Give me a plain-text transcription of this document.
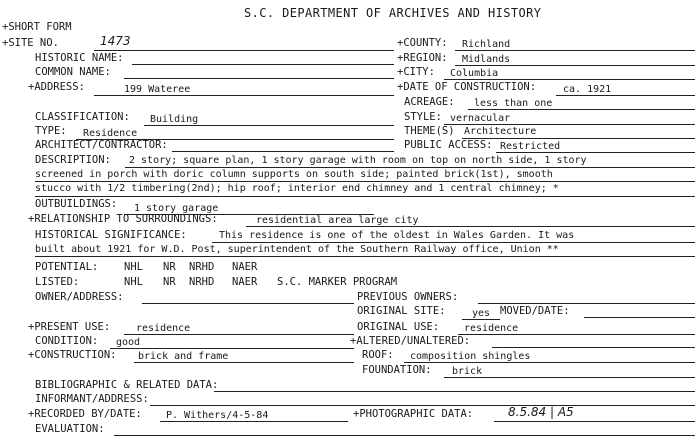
S.C. DEPARTMENT OF ARCHIVES AND HISTORY
+SHORT FORM
+SITE NO.	1473	+COUNTY: Richland
HISTORIC NAME:	+REGION: Midlands
COMMON NAME:	+CITY: Columbia
+ADDRESS:	199 Wateree	+DATE OF CONSTRUCTION:	ca. 1921
ACREAGE: less than one
CLASSIFICATION: Building	STYLE: vernacular
TYPE: Residence	THEME(S) Architecture
ARCHITECT/CONTRACTOR:	PUBLIC ACCESS: Restricted
DESCRIPTION: 2 story; square plan, 1 story garage with room on top on north side, 1 story
screened in porch with doric column supports on south side; painted brick(1st), smooth
stucco with 1/2 timbering(2nd); hip roof; interior end chimney and 1 central chimney; *
OUTBUILDINGS: 1 story garage
+RELATIONSHIP TO SURROUNDINGS:	residential area large city
HISTORICAL SIGNIFICANCE:	This residence is one of the oldest in Wales Garden. It was
built about 1921 for W.D. Post, superintendent of the Southern Railway office, Union **
POTENTIAL: NHL NR NRHD NAER
LISTED:	NHL NR NRHD NAER S.C. MARKER PROGRAM
OWNER/ADDRESS:	PREVIOUS OWNERS:
ORIGINAL SITE:	yes MOVED/DATE:
+PRESENT USE:	residence	ORIGINAL USE: residence
CONDITION: good	+ALTERED/UNALTERED:
+CONSTRUCTION: brick and frame	ROOF: composition shingles
FOUNDATION: brick
BIBLIOGRAPHIC & RELATED DATA:
INFORMANT/ADDRESS:
+RECORDED BY/DATE: P. Withers/4-5-84	+PHOTOGRAPHIC DATA:	8.5.84 | A5
EVALUATION:
